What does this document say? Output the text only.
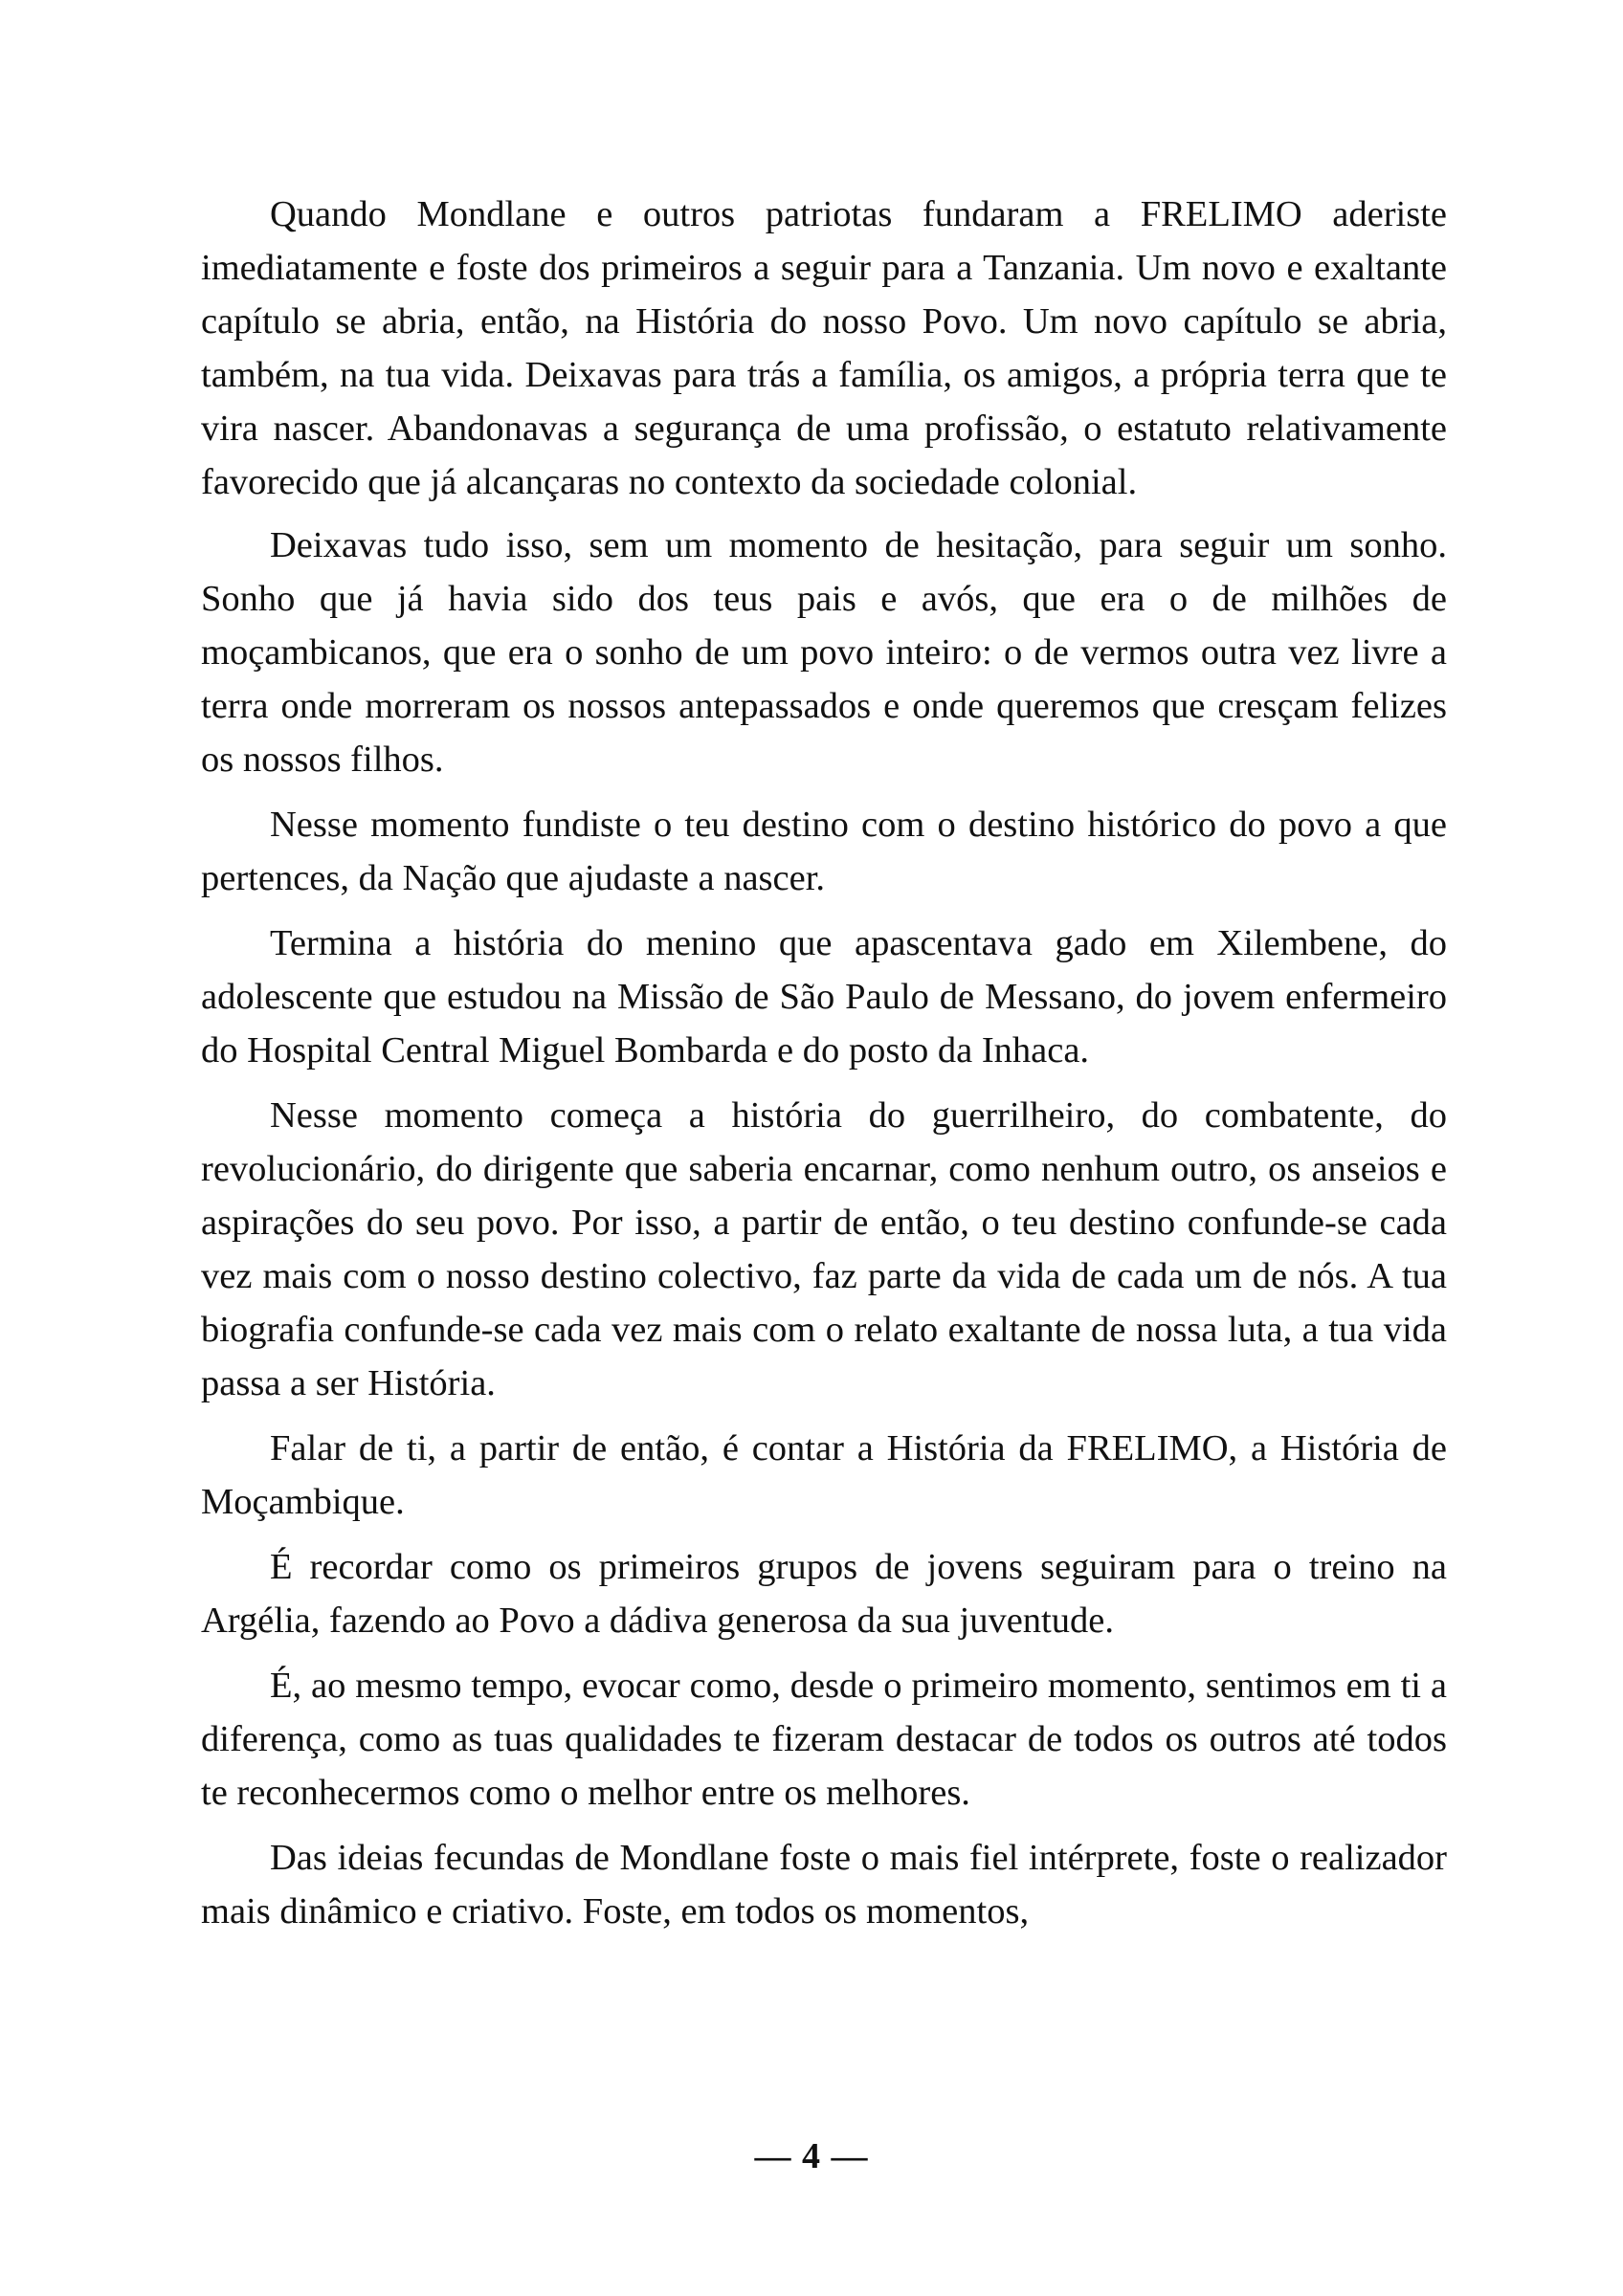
Quando Mondlane e outros patriotas fundaram a FRELIMO aderiste imediatamente e foste dos primeiros a seguir para a Tanzania. Um novo e exaltante capítulo se abria, então, na História do nosso Povo. Um novo capítulo se abria, também, na tua vida. Deixavas para trás a família, os amigos, a própria terra que te vira nascer. Abandonavas a segurança de uma profissão, o estatuto relativamente favorecido que já alcançaras no contexto da sociedade colonial.

Deixavas tudo isso, sem um momento de hesitação, para seguir um sonho. Sonho que já havia sido dos teus pais e avós, que era o de milhões de moçambicanos, que era o sonho de um povo inteiro: o de vermos outra vez livre a terra onde morreram os nossos antepassados e onde queremos que cresçam felizes os nossos filhos.

Nesse momento fundiste o teu destino com o destino histórico do povo a que pertences, da Nação que ajudaste a nascer.

Termina a história do menino que apascentava gado em Xilembene, do adolescente que estudou na Missão de São Paulo de Messano, do jovem enfermeiro do Hospital Central Miguel Bombarda e do posto da Inhaca.

Nesse momento começa a história do guerrilheiro, do combatente, do revolucionário, do dirigente que saberia encarnar, como nenhum outro, os anseios e aspirações do seu povo. Por isso, a partir de então, o teu destino confunde-se cada vez mais com o nosso destino colectivo, faz parte da vida de cada um de nós. A tua biografia confunde-se cada vez mais com o relato exaltante de nossa luta, a tua vida passa a ser História.

Falar de ti, a partir de então, é contar a História da FRELIMO, a História de Moçambique.

É recordar como os primeiros grupos de jovens seguiram para o treino na Argélia, fazendo ao Povo a dádiva generosa da sua juventude.

É, ao mesmo tempo, evocar como, desde o primeiro momento, sentimos em ti a diferença, como as tuas qualidades te fizeram destacar de todos os outros até todos te reconhecermos como o melhor entre os melhores.

Das ideias fecundas de Mondlane foste o mais fiel intérprete, foste o realizador mais dinâmico e criativo. Foste, em todos os momentos,

— 4 —
